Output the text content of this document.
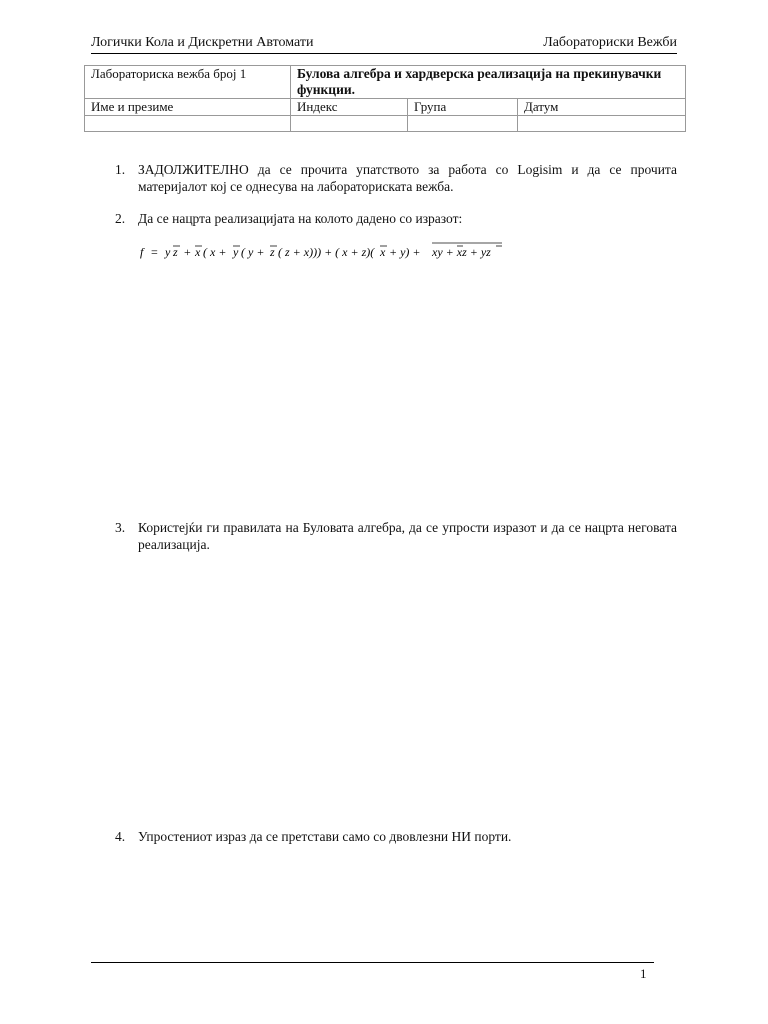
Логички Кола и Дискретни Автомати	Лабораториски Вежби
Лабораториска вежба број 1	Булова алгебра и хардверска реализација на прекинувачки функции.		
Име и презиме	Индекс	Група	Датум

1. ЗАДОЛЖИТЕЛНО да се прочита упатството за работа со Logisim и да се прочита материјалот кој се однесува на лабораториската вежба.
2. Да се нацрта реализацијата на колото дадено со изразот:
f = y z + x ( x + y ( y + z ( z + x))) + ( x + z)( x + y) + xy + xz + yz
3. Користејќи ги правилата на Буловата алгебра, да се упрости изразот и да се нацрта неговата реализација.
4. Упростениот израз да се претстави само со двовлезни НИ порти.
1
